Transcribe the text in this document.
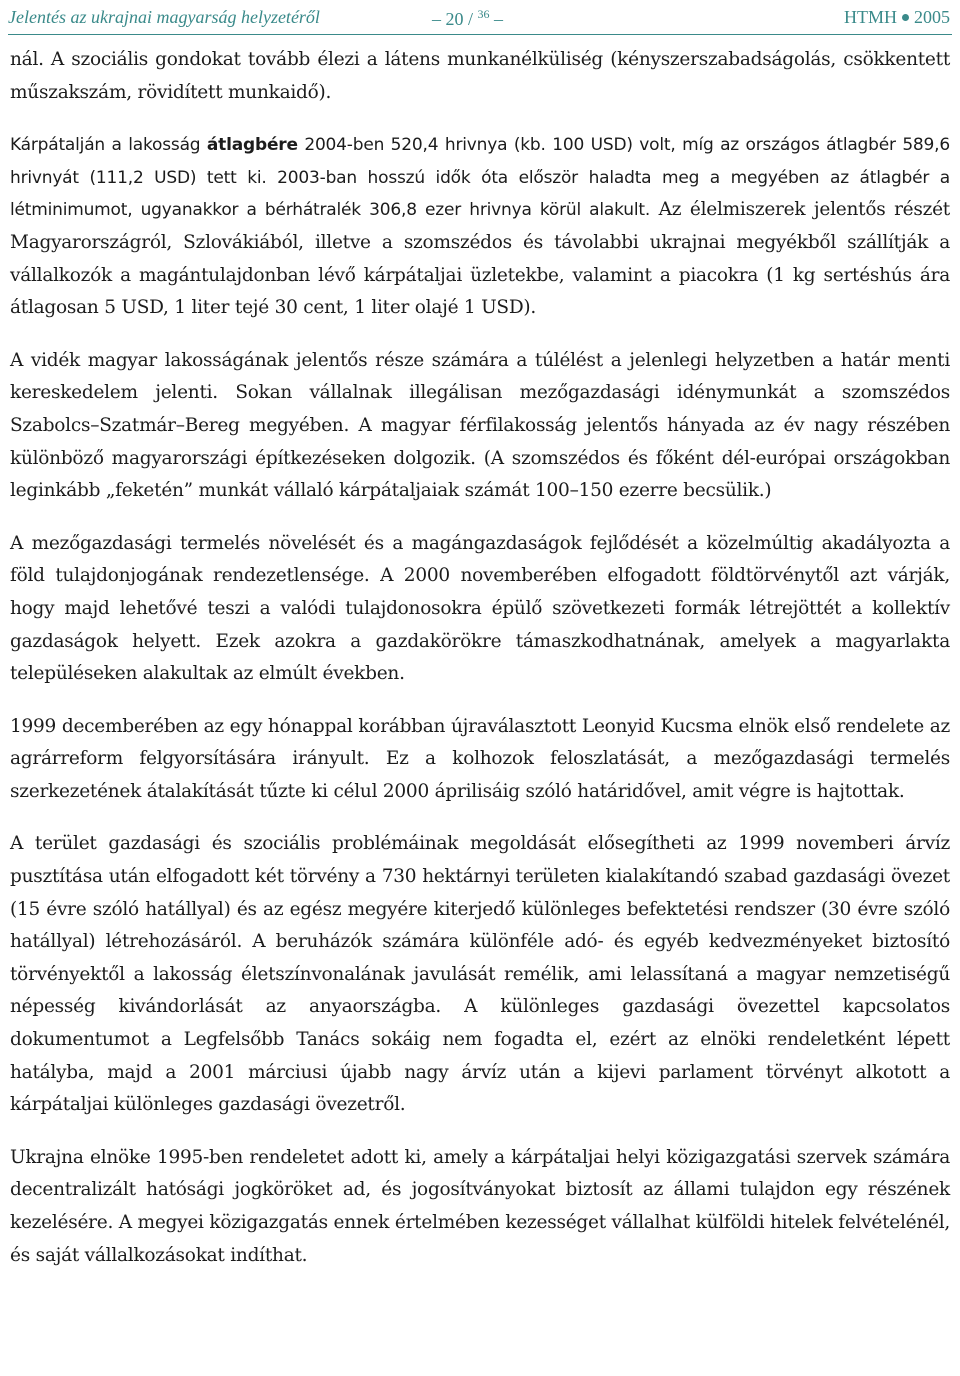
Jelentés az ukrajnai magyarság helyzetéről	– 20 / $^{36}$ –	HTMH 2005

nál. A szociális gondokat tovább élezi a látens munkanélküliség (kényszerszabadságolás, csökkentett műszakszám, rövidített munkaidő).

Kárpátalján a lakosság átlagbére 2004-ben 520,4 hrivnya (kb. 100 USD) volt, míg az országos átlagbér 589,6 hrivnyát (111,2 USD) tett ki. 2003-ban hosszú idők óta először haladta meg a megyében az átlagbér a létminimumot, ugyanakkor a bérhátralék 306,8 ezer hrivnya körül alakult. Az élelmiszerek jelentős részét Magyarországról, Szlovákiából, illetve a szomszédos és távolabbi ukrajnai megyékből szállítják a vállalkozók a magántulajdonban lévő kárpátaljai üzletekbe, valamint a piacokra (1 kg sertéshús ára átlagosan 5 USD, 1 liter tejé 30 cent, 1 liter olajé 1 USD).

A vidék magyar lakosságának jelentős része számára a túlélést a jelenlegi helyzetben a határ menti kereskedelem jelenti. Sokan vállalnak illegálisan mezőgazdasági idénymunkát a szomszédos Szabolcs–Szatmár–Bereg megyében. A magyar férfilakosság jelentős hányada az év nagy részében különböző magyarországi építkezéseken dolgozik. (A szomszédos és főként dél-európai országokban leginkább „feketén” munkát vállaló kárpátaljaiak számát 100–150 ezerre becsülik.)

A mezőgazdasági termelés növelését és a magángazdaságok fejlődését a közelmúltig akadályozta a föld tulajdonjogának rendezetlensége. A 2000 novemberében elfogadott földtörvénytől azt várják, hogy majd lehetővé teszi a valódi tulajdonosokra épülő szövetkezeti formák létrejöttét a kollektív gazdaságok helyett. Ezek azokra a gazdakörökre támaszkodhatnának, amelyek a magyarlakta településeken alakultak az elmúlt években.

1999 decemberében az egy hónappal korábban újraválasztott Leonyid Kucsma elnök első rendelete az agrárreform felgyorsítására irányult. Ez a kolhozok feloszlatását, a mezőgazdasági termelés szerkezetének átalakítását tűzte ki célul 2000 áprilisáig szóló határidővel, amit végre is hajtottak.

A terület gazdasági és szociális problémáinak megoldását elősegítheti az 1999 novemberi árvíz pusztítása után elfogadott két törvény a 730 hektárnyi területen kialakítandó szabad gazdasági övezet (15 évre szóló hatállyal) és az egész megyére kiterjedő különleges befektetési rendszer (30 évre szóló hatállyal) létrehozásáról. A beruházók számára különféle adó- és egyéb kedvezményeket biztosító törvényektől a lakosság életszínvonalának javulását remélik, ami lelassítaná a magyar nemzetiségű népesség kivándorlását az anyaországba. A különleges gazdasági övezettel kapcsolatos dokumentumot a Legfelsőbb Tanács sokáig nem fogadta el, ezért az elnöki rendeletként lépett hatályba, majd a 2001 márciusi újabb nagy árvíz után a kijevi parlament törvényt alkotott a kárpátaljai különleges gazdasági övezetről.

Ukrajna elnöke 1995-ben rendeletet adott ki, amely a kárpátaljai helyi közigazgatási szervek számára decentralizált hatósági jogköröket ad, és jogosítványokat biztosít az állami tulajdon egy részének kezelésére. A megyei közigazgatás ennek értelmében kezességet vállalhat külföldi hitelek felvételénél, és saját vállalkozásokat indíthat.
